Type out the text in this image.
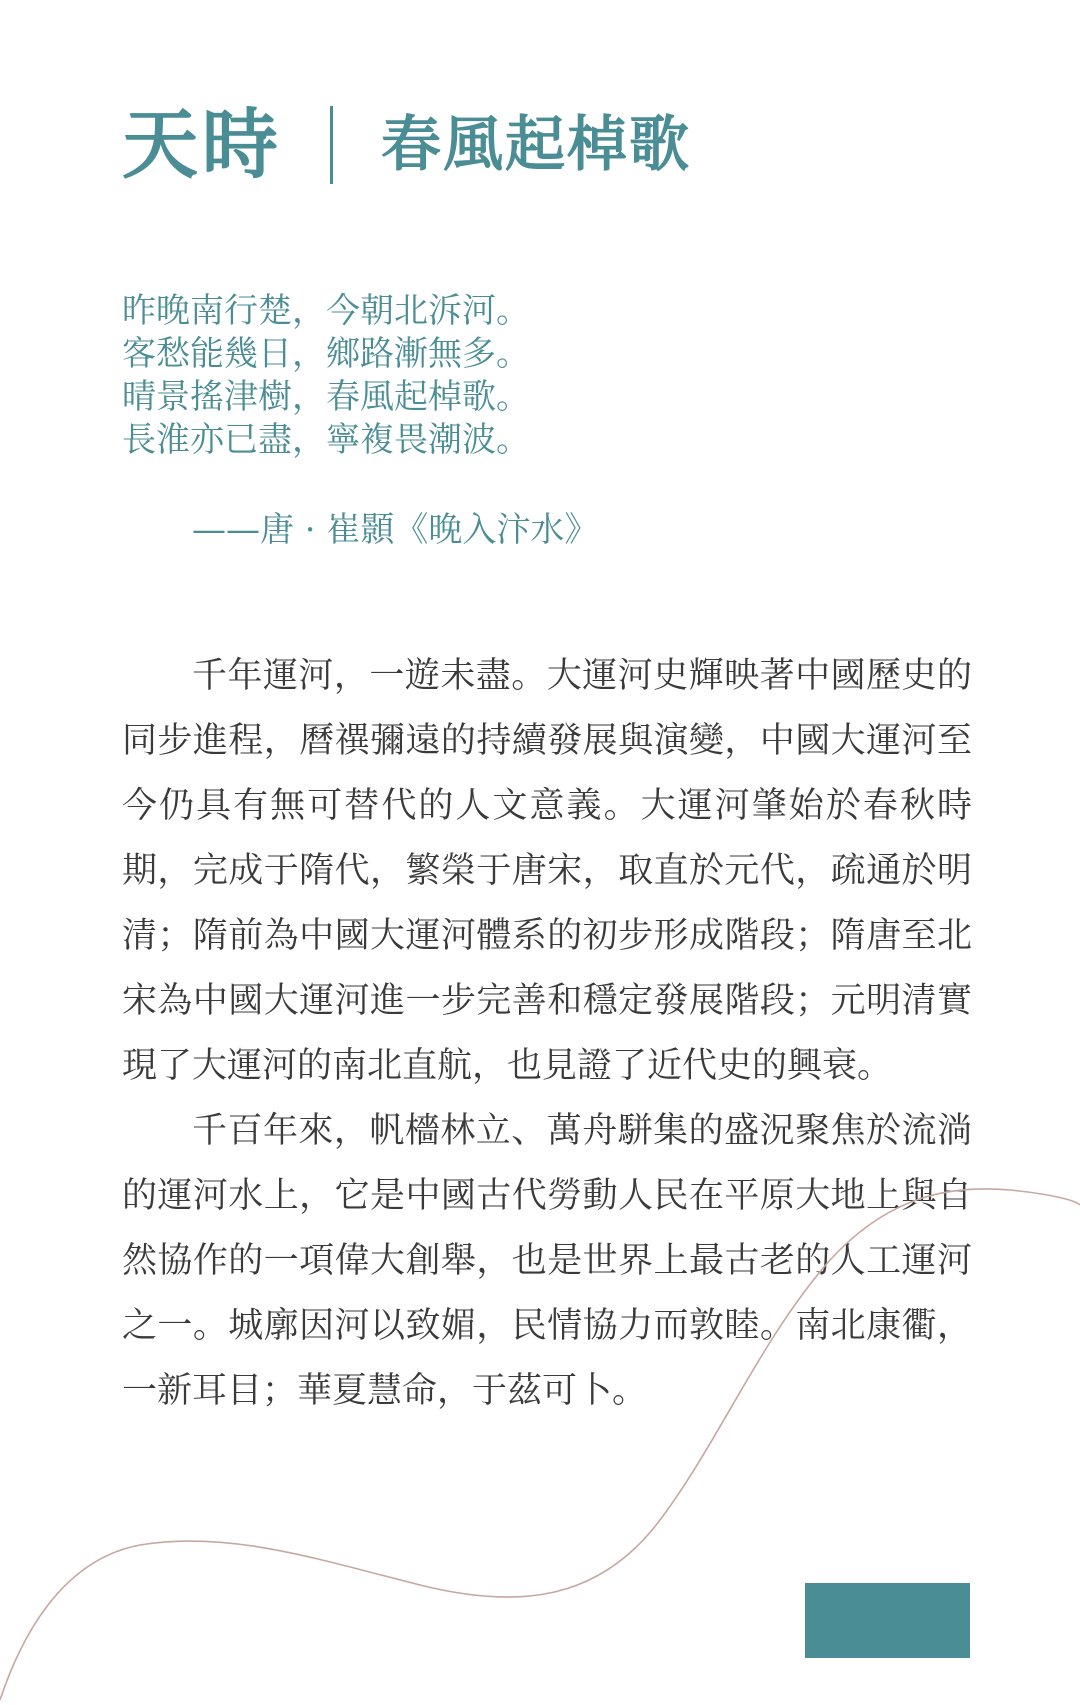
天時 春風起棹歌
昨晚南行楚，今朝北泝河。
客愁能幾日，鄉路漸無多。
晴景搖津樹，春風起棹歌。
長淮亦已盡，寧複畏潮波。
——唐 · 崔顥《晚入汴水》

千年運河，一遊未盡。大運河史輝映著中國歷史的同步進程，曆禩彌遠的持續發展與演變，中國大運河至今仍具有無可替代的人文意義。大運河肇始於春秋時期，完成于隋代，繁榮于唐宋，取直於元代，疏通於明清；隋前為中國大運河體系的初步形成階段；隋唐至北宋為中國大運河進一步完善和穩定發展階段；元明清實現了大運河的南北直航，也見證了近代史的興衰。

千百年來，帆檣林立、萬舟駢集的盛況聚焦於流淌的運河水上，它是中國古代勞動人民在平原大地上與自然協作的一項偉大創舉，也是世界上最古老的人工運河之一。城廓因河以致媚，民情協力而敦睦。南北康衢，一新耳目；華夏慧命，于茲可卜。
